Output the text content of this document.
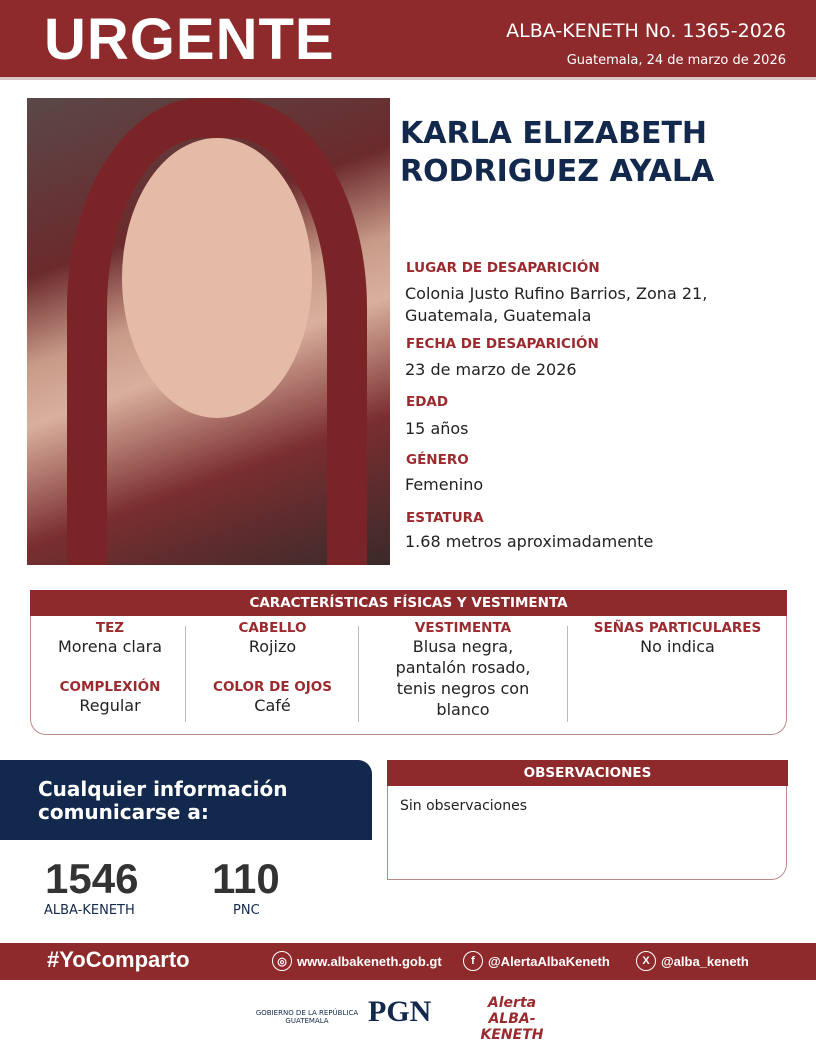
URGENTE	ALBA-KENETH No. 1365-2026
Guatemala, 24 de marzo de 2026
KARLA ELIZABETH
RODRIGUEZ AYALA
LUGAR DE DESAPARICIÓN
Colonia Justo Rufino Barrios, Zona 21,
Guatemala, Guatemala
FECHA DE DESAPARICIÓN
23 de marzo de 2026
EDAD
15 años
GÉNERO
Femenino
ESTATURA
1.68 metros aproximadamente
CARACTERÍSTICAS FÍSICAS Y VESTIMENTA
TEZ
Morena clara
COMPLEXIÓN
Regular
CABELLO
Rojizo
COLOR DE OJOS
Café
VESTIMENTA
Blusa negra,
pantalón rosado,
tenis negros con
blanco
SEÑAS PARTICULARES
No indica
Cualquier información
comunicarse a:
1546
ALBA-KENETH
110
PNC
OBSERVACIONES
Sin observaciones
#YoComparto	◎ www.albakeneth.gob.gt	f	@AlertaAlbaKeneth	X @alba_keneth
GOBIERNO DE LA REPÚBLICA GUATEMALA	PGN	Alerta ALBA-KENETH
